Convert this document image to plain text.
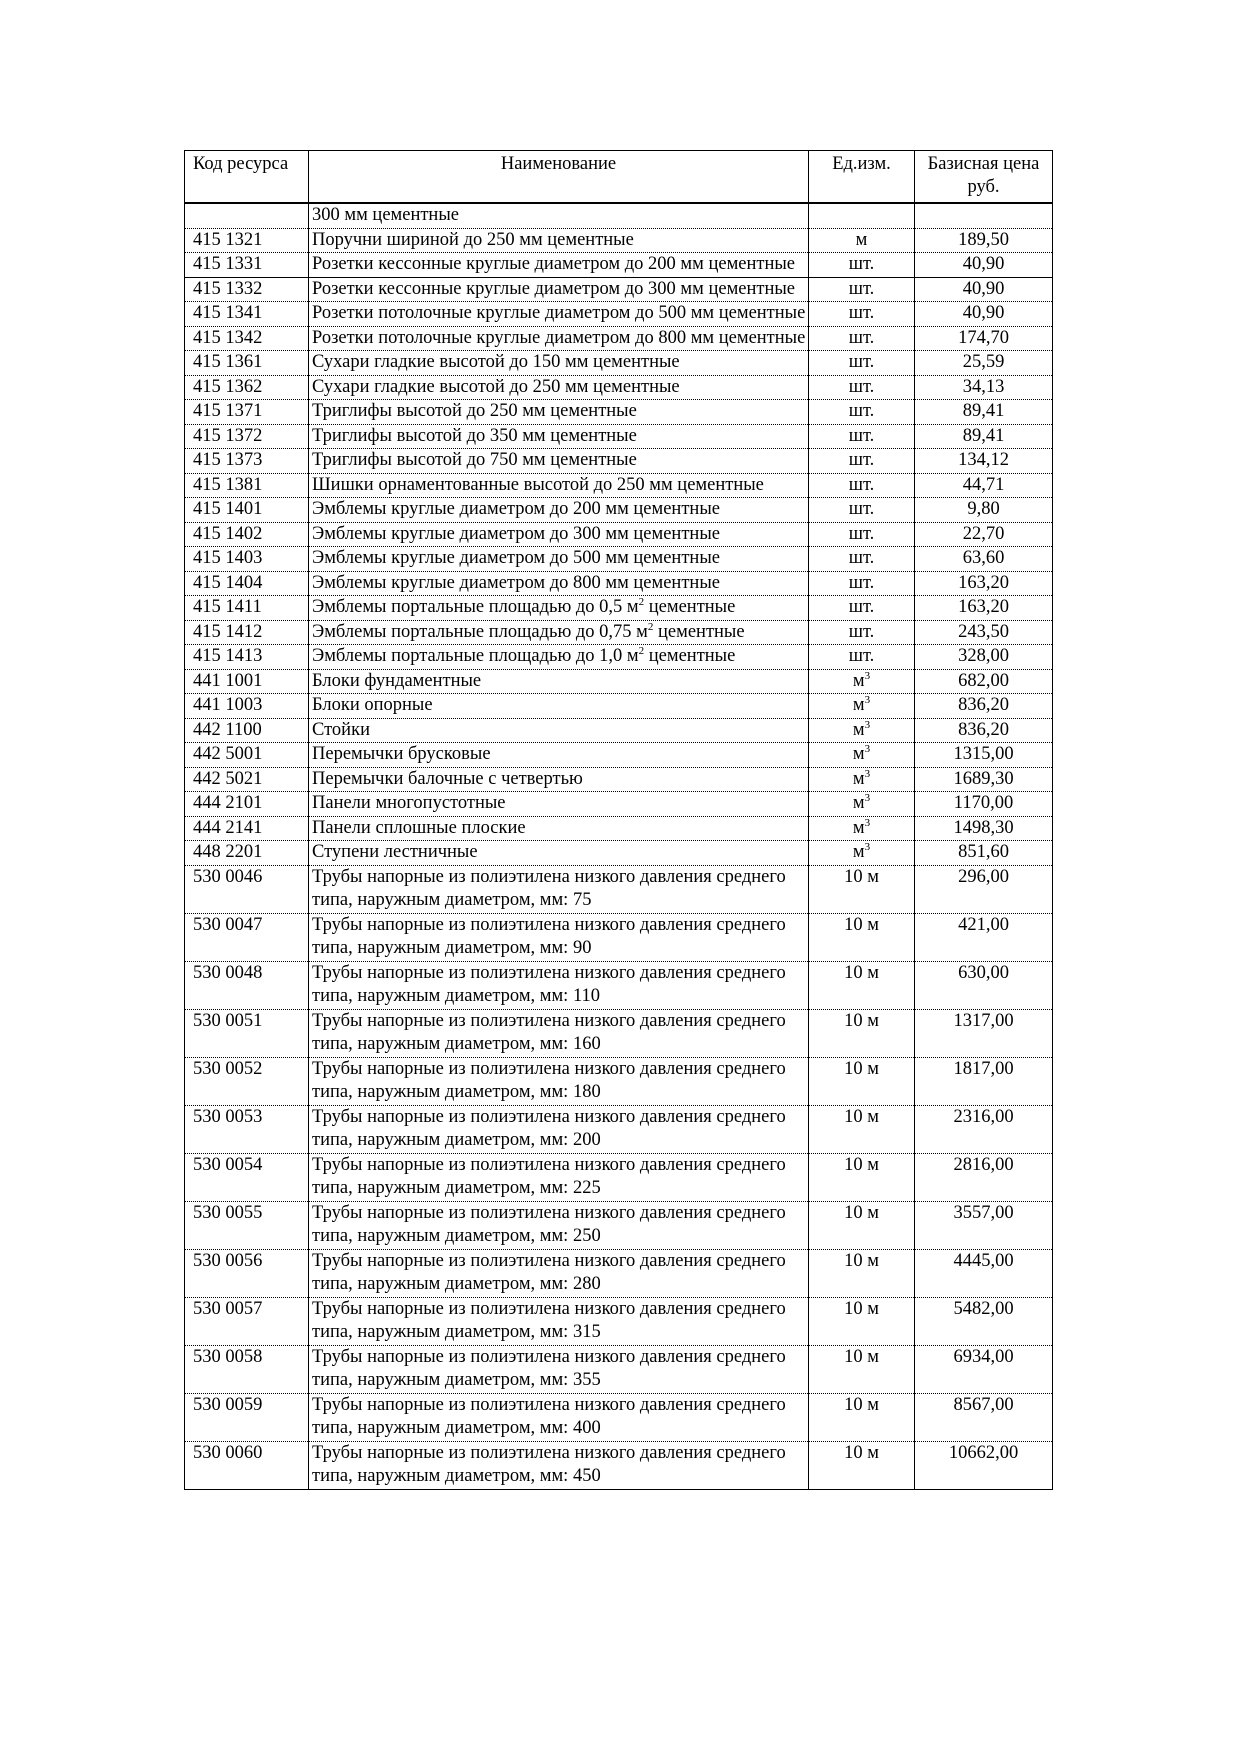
Код ресурса	Наименование	Ед.изм.	Базисная цена руб.
	300 мм цементные		
415 1321	Поручни шириной до 250 мм цементные	м	189,50
415 1331	Розетки кессонные круглые диаметром до 200 мм цементные	шт.	40,90
415 1332	Розетки кессонные круглые диаметром до 300 мм цементные	шт.	40,90
415 1341	Розетки потолочные круглые диаметром до 500 мм цементные	шт.	40,90
415 1342	Розетки потолочные круглые диаметром до 800 мм цементные	шт.	174,70
415 1361	Сухари гладкие высотой до 150 мм цементные	шт.	25,59
415 1362	Сухари гладкие высотой до 250 мм цементные	шт.	34,13
415 1371	Триглифы высотой до 250 мм цементные	шт.	89,41
415 1372	Триглифы высотой до 350 мм цементные	шт.	89,41
415 1373	Триглифы высотой до 750 мм цементные	шт.	134,12
415 1381	Шишки орнаментованные высотой до 250 мм цементные	шт.	44,71
415 1401	Эмблемы круглые диаметром до 200 мм цементные	шт.	9,80
415 1402	Эмблемы круглые диаметром до 300 мм цементные	шт.	22,70
415 1403	Эмблемы круглые диаметром до 500 мм цементные	шт.	63,60
415 1404	Эмблемы круглые диаметром до 800 мм цементные	шт.	163,20
415 1411	Эмблемы портальные площадью до 0,5 $м^2$ цементные	шт.	163,20
415 1412	Эмблемы портальные площадью до 0,75 $м^2$ цементные	шт.	243,50
415 1413	Эмблемы портальные площадью до 1,0 $м^2$ цементные	шт.	328,00
441 1001	Блоки фундаментные	$м^3$	682,00
441 1003	Блоки опорные	$м^3$	836,20
442 1100	Стойки	$м^3$	836,20
442 5001	Перемычки брусковые	$м^3$	1315,00
442 5021	Перемычки балочные с четвертью	$м^3$	1689,30
444 2101	Панели многопустотные	$м^3$	1170,00
444 2141	Панели сплошные плоские	$м^3$	1498,30
448 2201	Ступени лестничные	$м^3$	851,60
530 0046	Трубы напорные из полиэтилена низкого давления среднего типа, наружным диаметром, мм: 75	10 м	296,00
530 0047	Трубы напорные из полиэтилена низкого давления среднего типа, наружным диаметром, мм: 90	10 м	421,00
530 0048	Трубы напорные из полиэтилена низкого давления среднего типа, наружным диаметром, мм: 110	10 м	630,00
530 0051	Трубы напорные из полиэтилена низкого давления среднего типа, наружным диаметром, мм: 160	10 м	1317,00
530 0052	Трубы напорные из полиэтилена низкого давления среднего типа, наружным диаметром, мм: 180	10 м	1817,00
530 0053	Трубы напорные из полиэтилена низкого давления среднего типа, наружным диаметром, мм: 200	10 м	2316,00
530 0054	Трубы напорные из полиэтилена низкого давления среднего типа, наружным диаметром, мм: 225	10 м	2816,00
530 0055	Трубы напорные из полиэтилена низкого давления среднего типа, наружным диаметром, мм: 250	10 м	3557,00
530 0056	Трубы напорные из полиэтилена низкого давления среднего типа, наружным диаметром, мм: 280	10 м	4445,00
530 0057	Трубы напорные из полиэтилена низкого давления среднего типа, наружным диаметром, мм: 315	10 м	5482,00
530 0058	Трубы напорные из полиэтилена низкого давления среднего типа, наружным диаметром, мм: 355	10 м	6934,00
530 0059	Трубы напорные из полиэтилена низкого давления среднего типа, наружным диаметром, мм: 400	10 м	8567,00
530 0060	Трубы напорные из полиэтилена низкого давления среднего типа, наружным диаметром, мм: 450	10 м	10662,00
